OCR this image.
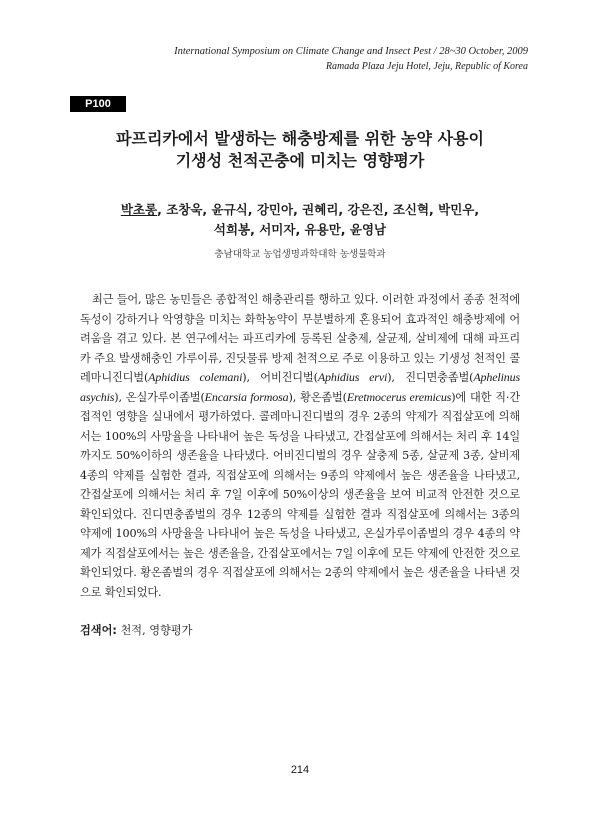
International Symposium on Climate Change and Insect Pest / 28~30 October, 2009
Ramada Plaza Jeju Hotel, Jeju, Republic of Korea
P100
파프리카에서 발생하는 해충방제를 위한 농약 사용이
기생성 천적곤충에 미치는 영향평가
박초롱, 조창욱, 윤규식, 강민아, 권혜리, 강은진, 조신혁, 박민우,
석희봉, 서미자, 유용만, 윤영남
충남대학교 농업생명과학대학 농생물학과
최근 들어, 많은 농민들은 종합적인 해충관리를 행하고 있다. 이러한 과정에서 종종 천적에 독성이 강하거나 악영향을 미치는 화학농약이 무분별하게 혼용되어 효과적인 해충방제에 어려움을 겪고 있다. 본 연구에서는 파프리카에 등록된 살충제, 살균제, 살비제에 대해 파프리카 주요 발생해충인 가루이류, 진딧물류 방제 천적으로 주로 이용하고 있는 기생성 천적인 콜레마니진디벌(Aphidius colemani), 어비진디벌(Aphidius ervi), 진디면충좀벌(Aphelinus asychis), 온실가루이좀벌(Encarsia formosa), 황온좀벌(Eretmocerus eremicus)에 대한 직·간접적인 영향을 실내에서 평가하였다. 콜레마니진디벌의 경우 2종의 약제가 직접살포에 의해서는 100%의 사망율을 나타내어 높은 독성을 나타냈고, 간접살포에 의해서는 처리 후 14일까지도 50%이하의 생존율을 나타냈다. 어비진디벌의 경우 살충제 5종, 살균제 3종, 살비제 4종의 약제를 실험한 결과, 직접살포에 의해서는 9종의 약제에서 높은 생존율을 나타냈고, 간접살포에 의해서는 처리 후 7일 이후에 50%이상의 생존율을 보여 비교적 안전한 것으로 확인되었다. 진디면충좀벌의 경우 12종의 약제를 실험한 결과 직접살포에 의해서는 3종의 약제에 100%의 사망율을 나타내어 높은 독성을 나타냈고, 온실가루이좀벌의 경우 4종의 약제가 직접살포에서는 높은 생존율을, 간접살포에서는 7일 이후에 모든 약제에 안전한 것으로 확인되었다. 황온좀벌의 경우 직접살포에 의해서는 2종의 약제에서 높은 생존율을 나타낸 것으로 확인되었다.
검색어: 천적, 영향평가
214
